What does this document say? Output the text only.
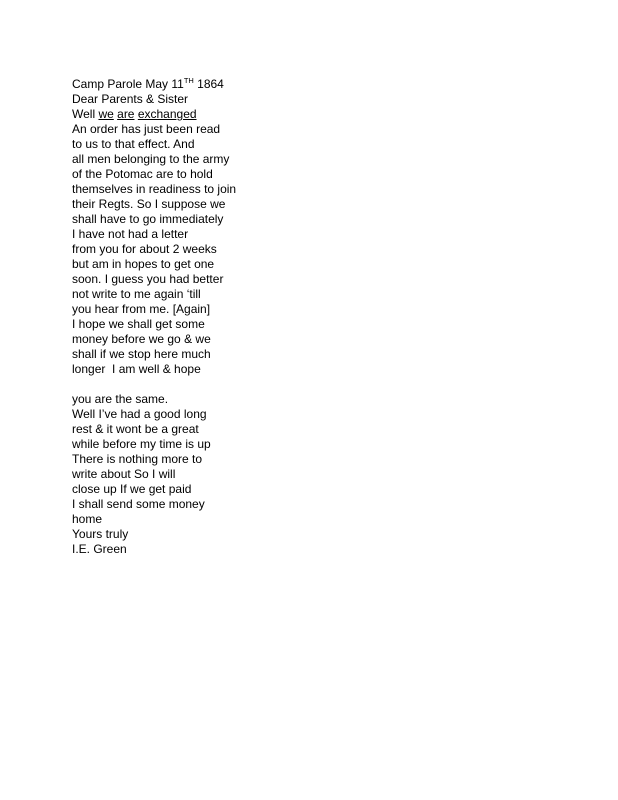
Camp Parole May 11TH 1864
Dear Parents & Sister
Well we are exchanged
An order has just been read
to us to that effect. And
all men belonging to the army
of the Potomac are to hold
themselves in readiness to join
their Regts. So I suppose we
shall have to go immediately
I have not had a letter
from you for about 2 weeks
but am in hopes to get one
soon. I guess you had better
not write to me again ‘till
you hear from me. [Again]
I hope we shall get some
money before we go & we
shall if we stop here much
longer  I am well & hope
you are the same.
Well I’ve had a good long
rest & it wont be a great
while before my time is up
There is nothing more to
write about So I will
close up If we get paid
I shall send some money
home
Yours truly
I.E. Green
